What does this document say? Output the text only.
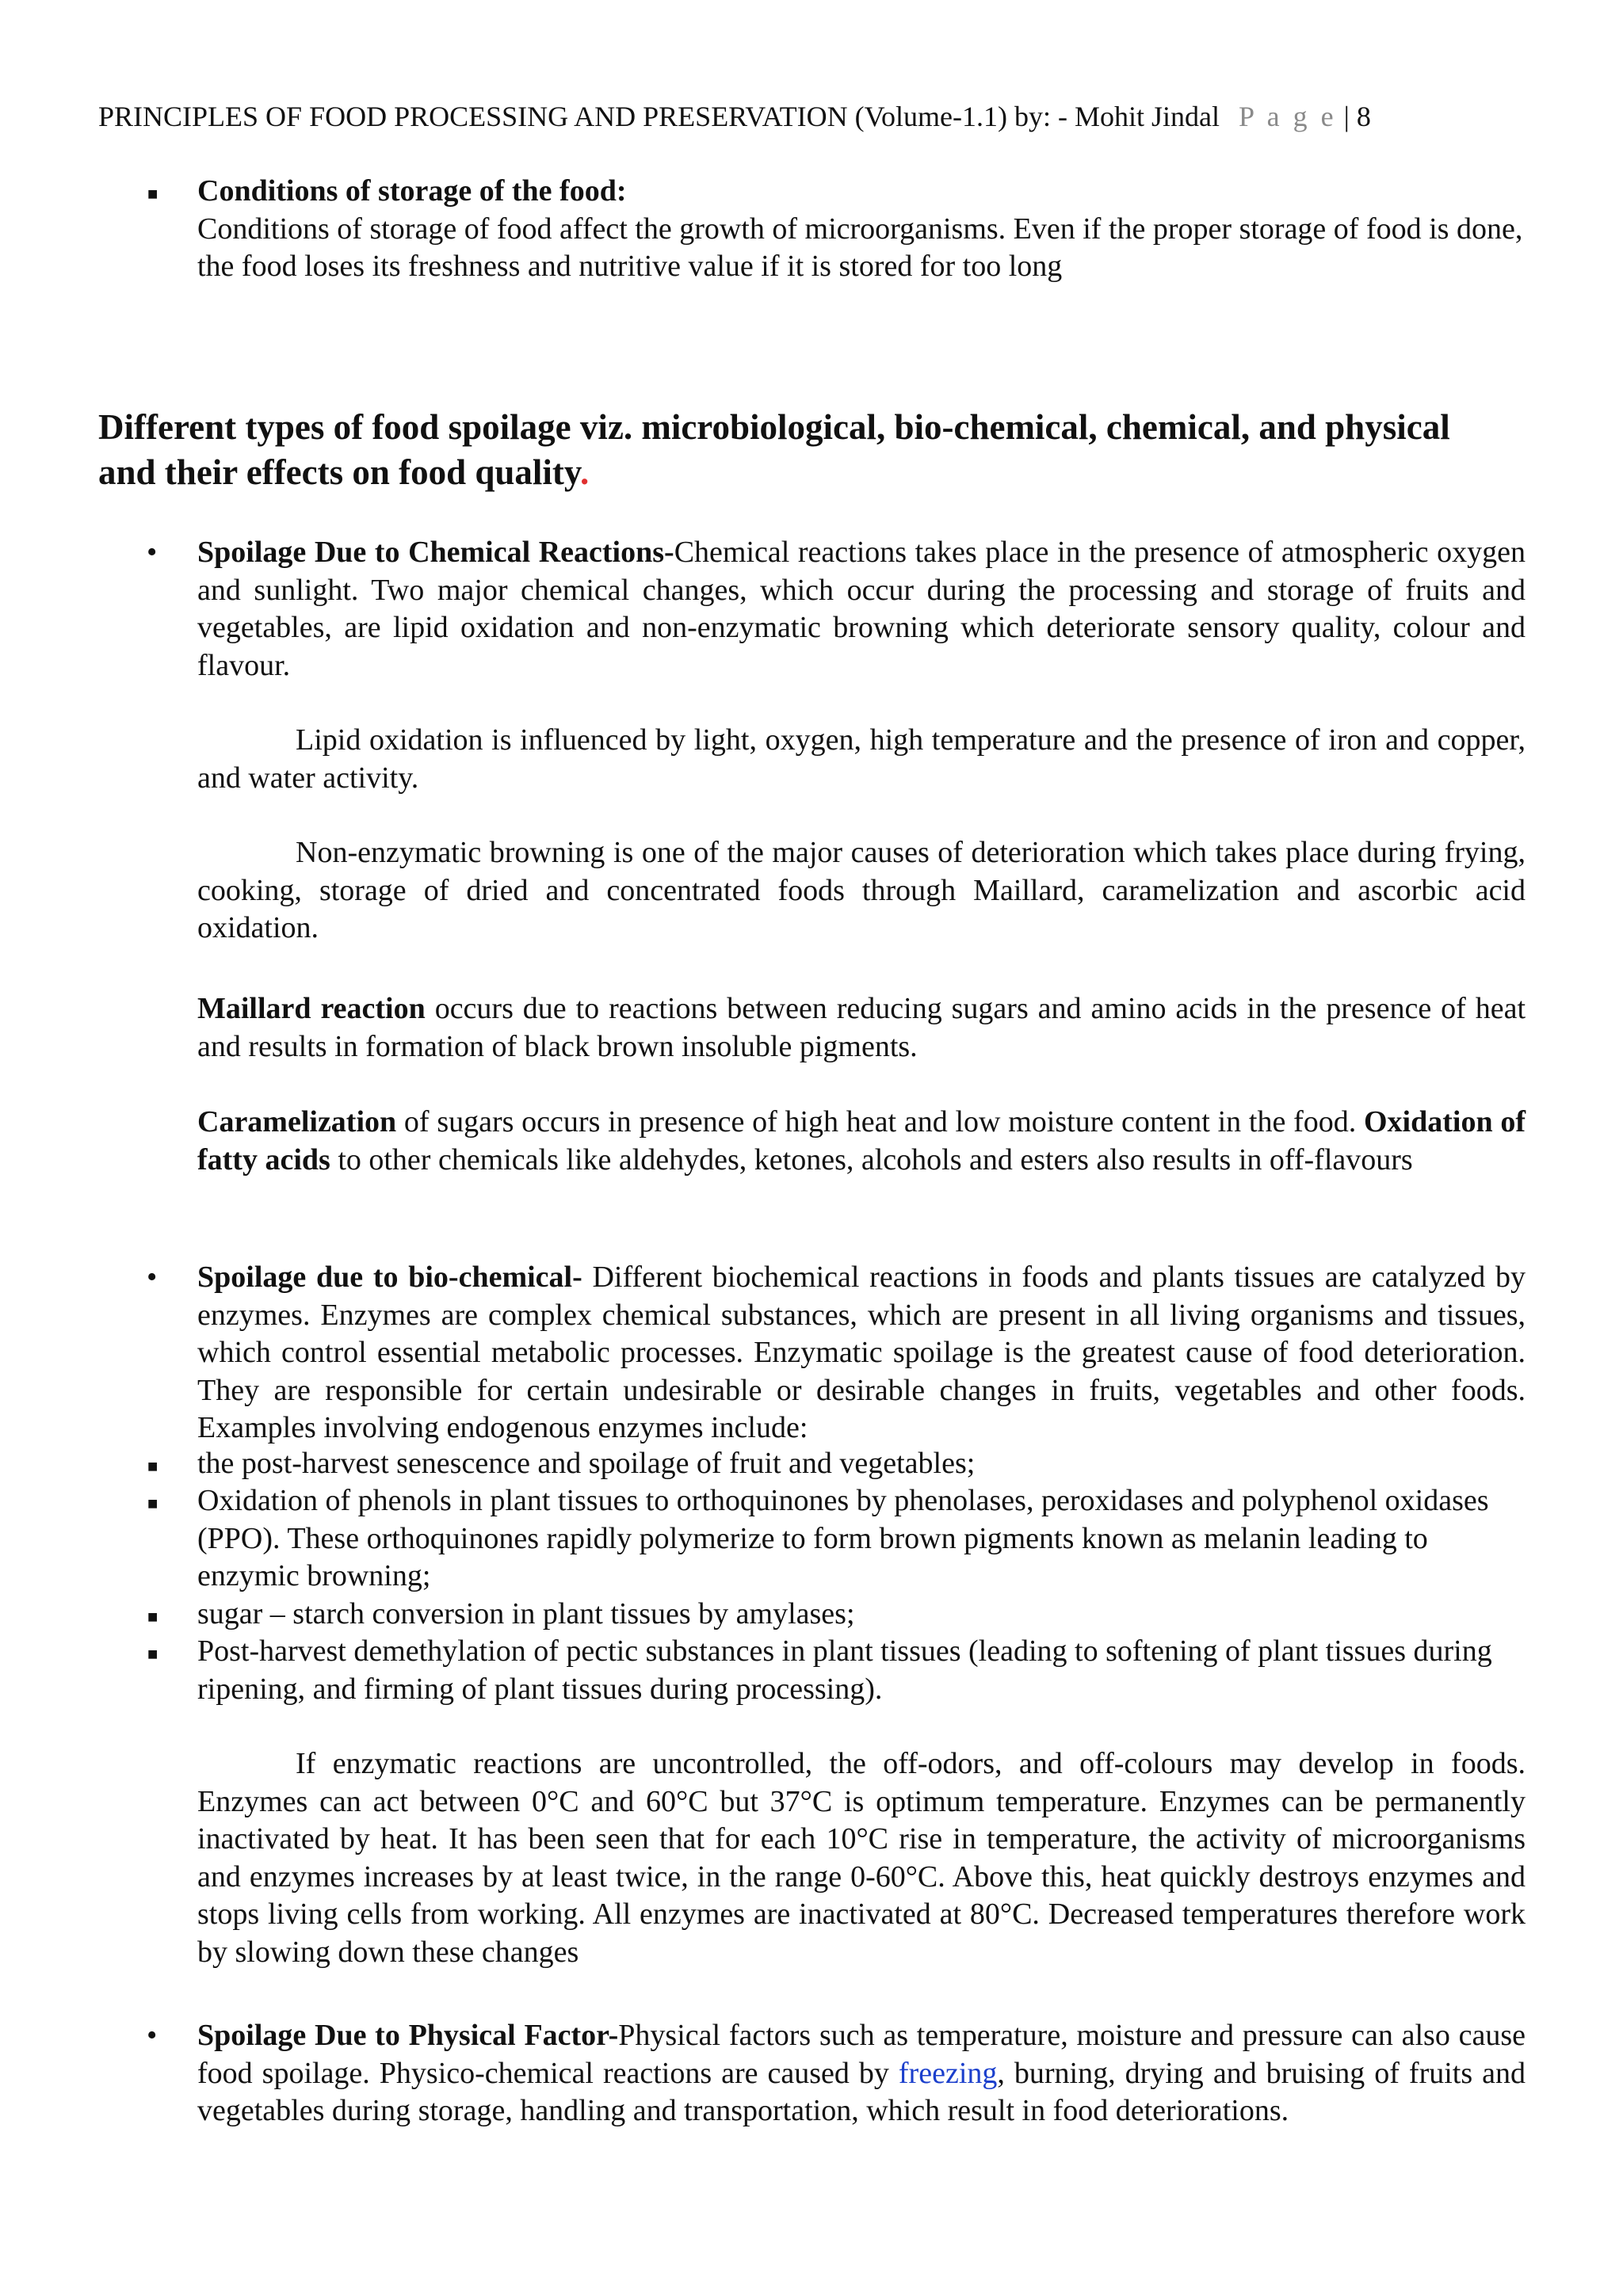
PRINCIPLES OF FOOD PROCESSING AND PRESERVATION (Volume-1.1) by: - Mohit Jindal P a g e | 8
■ Conditions of storage of the food:
Conditions of storage of food affect the growth of microorganisms. Even if the proper storage of food is done, the food loses its freshness and nutritive value if it is stored for too long
Different types of food spoilage viz. microbiological, bio-chemical, chemical, and physical and their effects on food quality.
• Spoilage Due to Chemical Reactions-Chemical reactions takes place in the presence of atmospheric oxygen and sunlight. Two major chemical changes, which occur during the processing and storage of fruits and vegetables, are lipid oxidation and non-enzymatic browning which deteriorate sensory quality, colour and flavour.
Lipid oxidation is influenced by light, oxygen, high temperature and the presence of iron and copper, and water activity.
Non-enzymatic browning is one of the major causes of deterioration which takes place during frying, cooking, storage of dried and concentrated foods through Maillard, caramelization and ascorbic acid oxidation.
Maillard reaction occurs due to reactions between reducing sugars and amino acids in the presence of heat and results in formation of black brown insoluble pigments.
Caramelization of sugars occurs in presence of high heat and low moisture content in the food. Oxidation of fatty acids to other chemicals like aldehydes, ketones, alcohols and esters also results in off-flavours
• Spoilage due to bio-chemical- Different biochemical reactions in foods and plants tissues are catalyzed by enzymes. Enzymes are complex chemical substances, which are present in all living organisms and tissues, which control essential metabolic processes. Enzymatic spoilage is the greatest cause of food deterioration. They are responsible for certain undesirable or desirable changes in fruits, vegetables and other foods. Examples involving endogenous enzymes include:
■ the post-harvest senescence and spoilage of fruit and vegetables;
■ Oxidation of phenols in plant tissues to orthoquinones by phenolases, peroxidases and polyphenol oxidases (PPO). These orthoquinones rapidly polymerize to form brown pigments known as melanin leading to enzymic browning;
■ sugar – starch conversion in plant tissues by amylases;
■ Post-harvest demethylation of pectic substances in plant tissues (leading to softening of plant tissues during ripening, and firming of plant tissues during processing).
If enzymatic reactions are uncontrolled, the off-odors, and off-colours may develop in foods. Enzymes can act between 0°C and 60°C but 37°C is optimum temperature. Enzymes can be permanently inactivated by heat. It has been seen that for each 10°C rise in temperature, the activity of microorganisms and enzymes increases by at least twice, in the range 0-60°C. Above this, heat quickly destroys enzymes and stops living cells from working. All enzymes are inactivated at 80°C. Decreased temperatures therefore work by slowing down these changes
• Spoilage Due to Physical Factor-Physical factors such as temperature, moisture and pressure can also cause food spoilage. Physico-chemical reactions are caused by freezing, burning, drying and bruising of fruits and vegetables during storage, handling and transportation, which result in food deteriorations.
